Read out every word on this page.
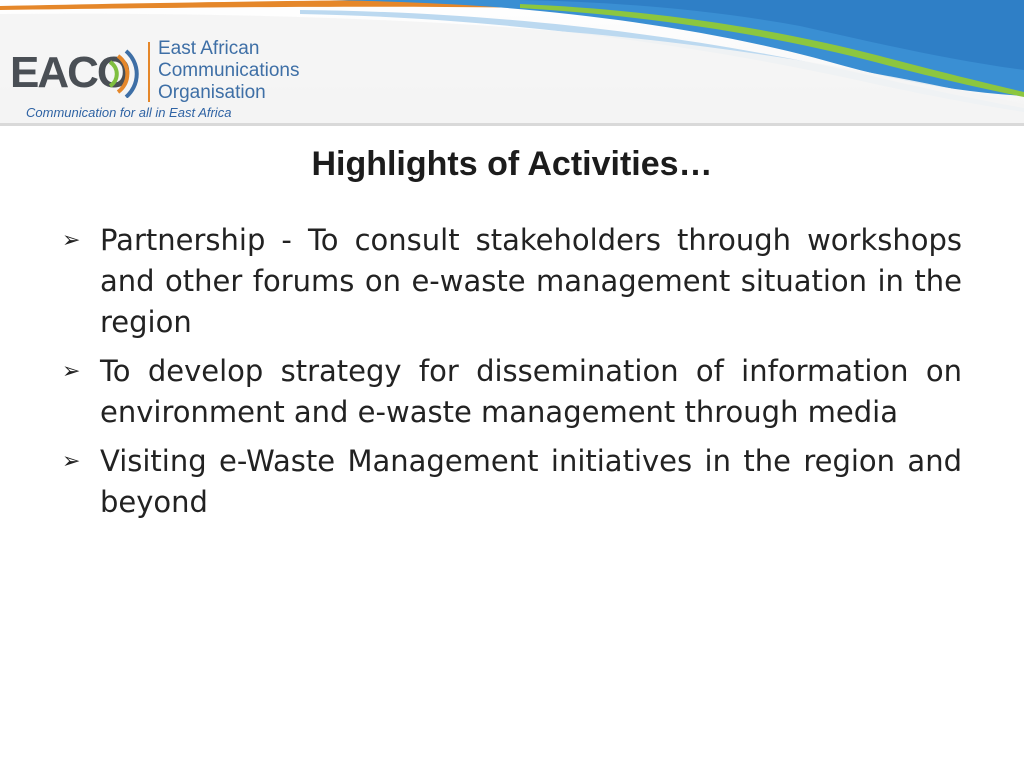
EACO East African
Communications
Organisation
Communication for all in East Africa
Highlights of Activities…
➢ Partnership - To consult stakeholders through workshops and other forums on e-waste management situation in the region
➢ To develop strategy for dissemination of information on environment and e-waste management through media
➢ Visiting e-Waste Management initiatives in the region and beyond
